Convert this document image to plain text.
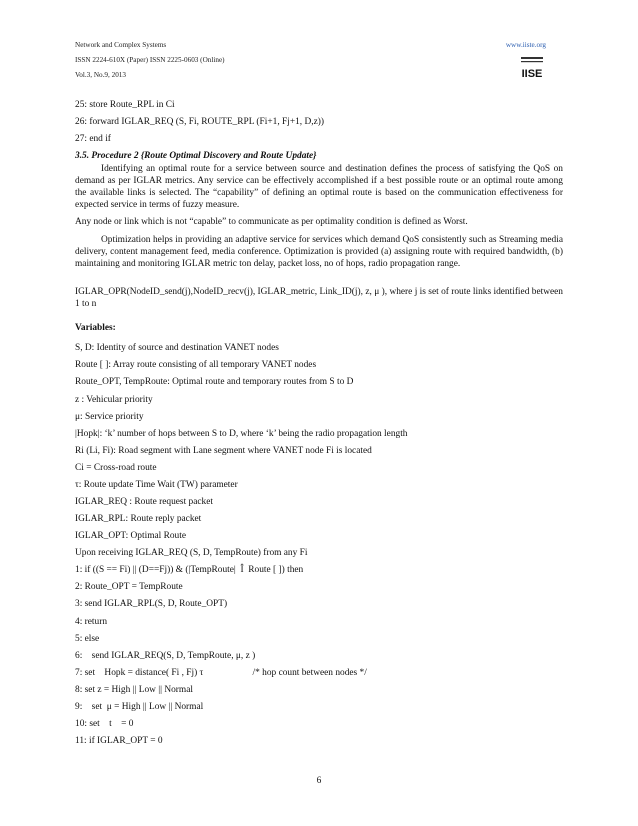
Network and Complex Systems
ISSN 2224-610X (Paper) ISSN 2225-0603 (Online)
Vol.3, No.9, 2013
www.iiste.org
IISE
25: store Route_RPL in Ci
26: forward IGLAR_REQ (S, Fi, ROUTE_RPL (Fi+1, Fj+1, D,z))
27: end if
3.5. Procedure 2 {Route Optimal Discovery and Route Update}
Identifying an optimal route for a service between source and destination defines the process of satisfying the QoS on demand as per IGLAR metrics. Any service can be effectively accomplished if a best possible route or an optimal route among the available links is selected. The “capability” of defining an optimal route is based on the communication effectiveness for expected service in terms of fuzzy measure.
Any node or link which is not “capable” to communicate as per optimality condition is defined as Worst.
Optimization helps in providing an adaptive service for services which demand QoS consistently such as Streaming media delivery, content management feed, media conference. Optimization is provided (a) assigning route with required bandwidth, (b) maintaining and monitoring IGLAR metric ton delay, packet loss, no of hops, radio propagation range.
IGLAR_OPR(NodeID_send(j),NodeID_recv(j), IGLAR_metric, Link_ID(j), z, μ ), where j is set of route links identified between 1 to n
Variables:
S, D: Identity of source and destination VANET nodes
Route [ ]: Array route consisting of all temporary VANET nodes
Route_OPT, TempRoute: Optimal route and temporary routes from S to D
z : Vehicular priority
μ: Service priority
|Hopk|: ‘k’ number of hops between S to D, where ‘k’ being the radio propagation length
Ri (Li, Fi): Road segment with Lane segment where VANET node Fi is located
Ci = Cross-road route
τ: Route update Time Wait (TW) parameter
IGLAR_REQ : Route request packet
IGLAR_RPL: Route reply packet
IGLAR_OPT: Optimal Route
Upon receiving IGLAR_REQ (S, D, TempRoute) from any Fi
1: if ((S == Fi) || (D==Fj)) & (|TempRoute|  Î  Route [ ]) then
2: Route_OPT = TempRoute
3: send IGLAR_RPL(S, D, Route_OPT)
4: return
5: else
6:    send IGLAR_REQ(S, D, TempRoute, μ, z )
7: set    Hopk = distance( Fi , Fj) τ                     /* hop count between nodes */
8: set z = High || Low || Normal
9:    set  μ = High || Low || Normal
10: set    t    = 0
11: if IGLAR_OPT = 0
6
